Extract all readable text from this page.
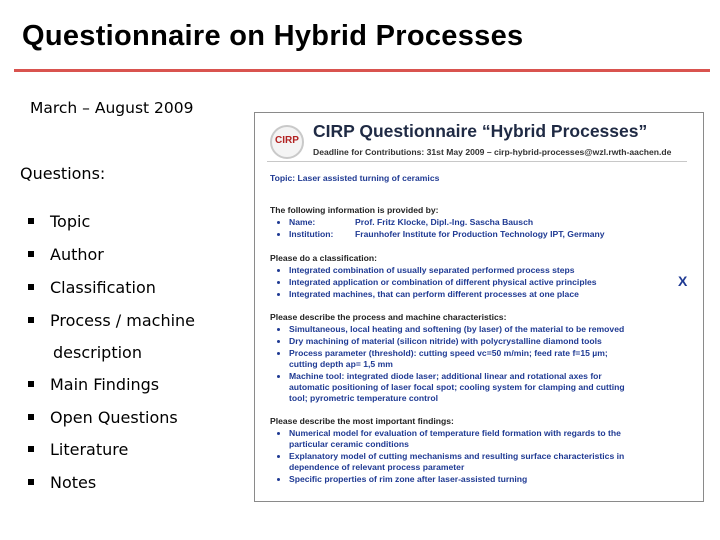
Questionnaire on Hybrid Processes
March – August 2009
Questions:
Topic
Author
Classification
Process / machine
description
Main Findings
Open Questions
Literature
Notes
CIRP CIRP Questionnaire “Hybrid Processes”
Deadline for Contributions: 31st May 2009 – cirp-hybrid-processes@wzl.rwth-aachen.de
Topic: Laser assisted turning of ceramics
The following information is provided by:
Name:	Prof. Fritz Klocke, Dipl.-Ing. Sascha Bausch
Institution:	Fraunhofer Institute for Production Technology IPT, Germany
Please do a classification:
Integrated combination of usually separated performed process steps
Integrated application or combination of different physical active principles
Integrated machines, that can perform different processes at one place
X
Please describe the process and machine characteristics:
Simultaneous, local heating and softening (by laser) of the material to be removed
Dry machining of material (silicon nitride) with polycrystalline diamond tools
Process parameter (threshold): cutting speed vc=50 m/min; feed rate f=15 µm;
cutting depth ap= 1,5 mm
Machine tool: integrated diode laser; additional linear and rotational axes for
automatic positioning of laser focal spot; cooling system for clamping and cutting
tool; pyrometric temperature control
Please describe the most important findings:
Numerical model for evaluation of temperature field formation with regards to the
particular ceramic conditions
Explanatory model of cutting mechanisms and resulting surface characteristics in
dependence of relevant process parameter
Specific properties of rim zone after laser-assisted turning
